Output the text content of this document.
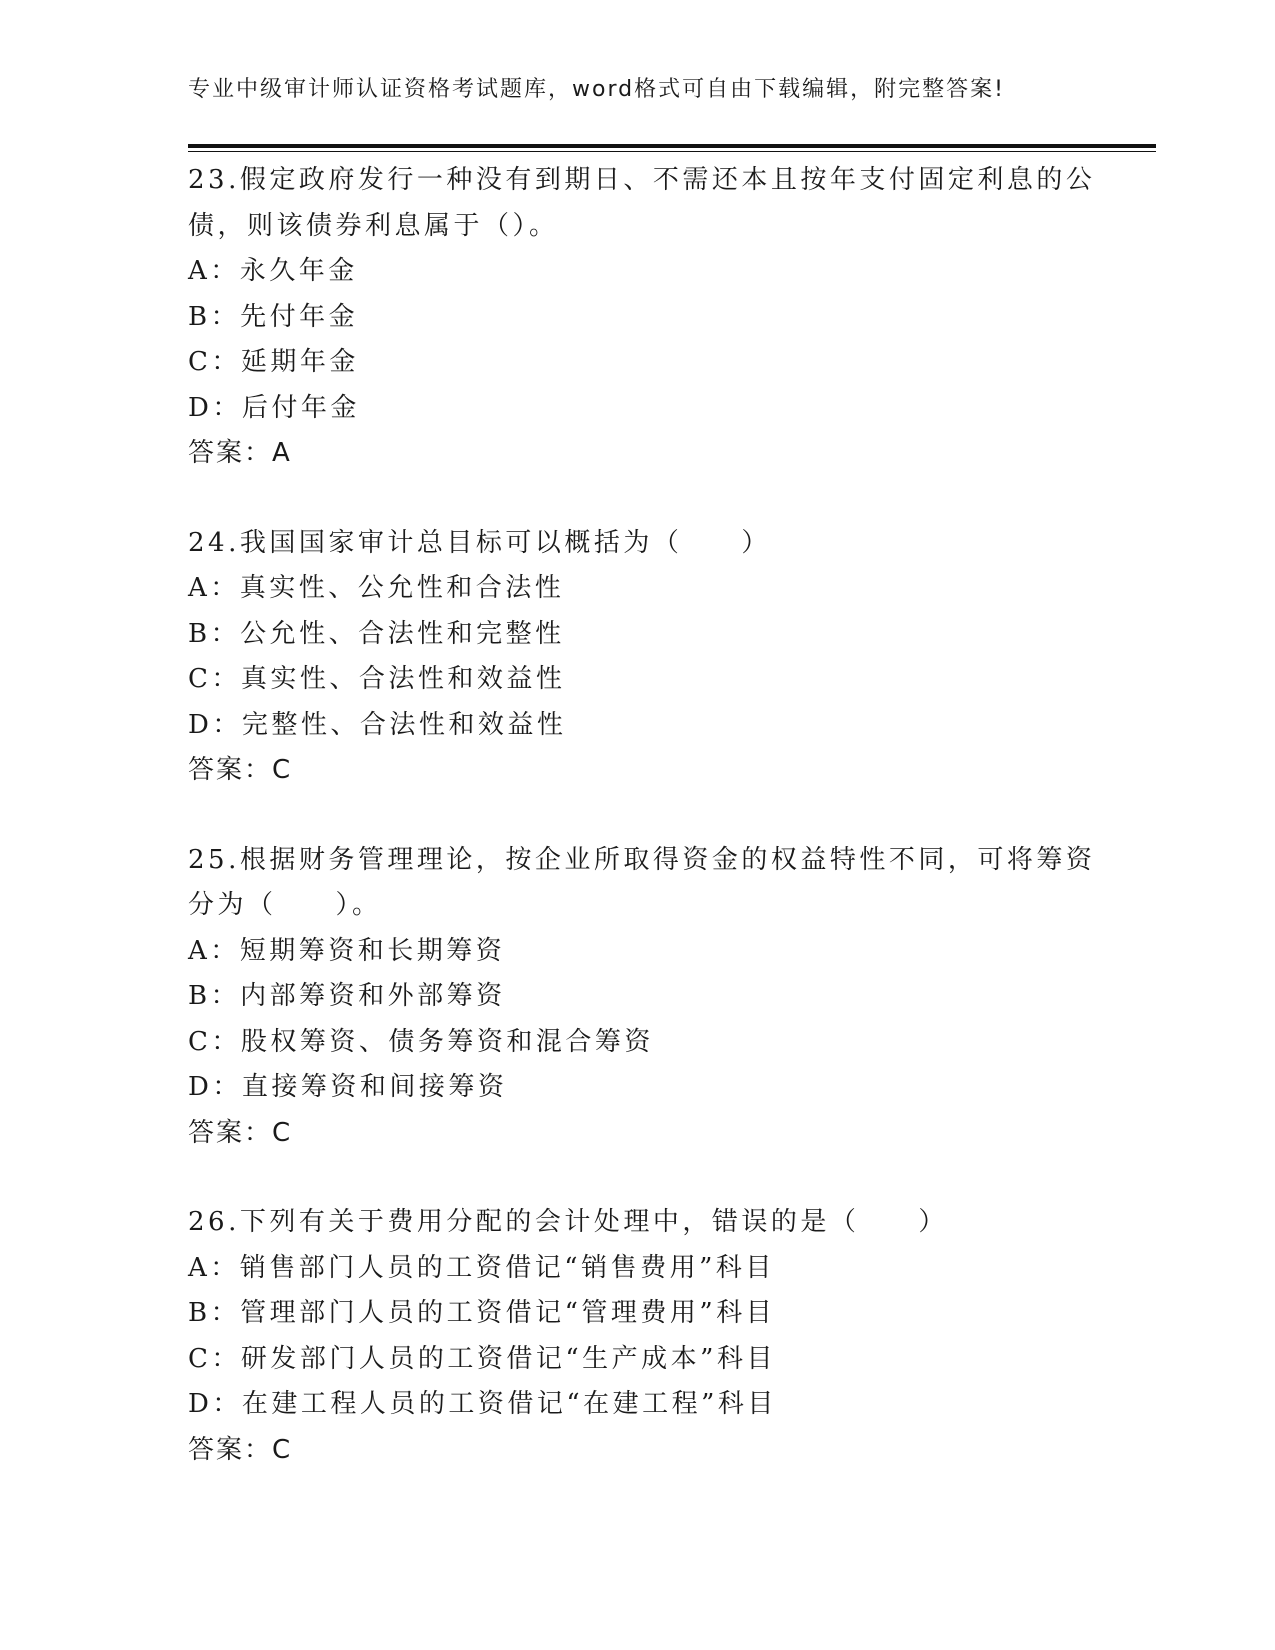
专业中级审计师认证资格考试题库，word格式可自由下载编辑，附完整答案!
23.假定政府发行一种没有到期日、不需还本且按年支付固定利息的公
债，则该债券利息属于（）。
A：永久年金
B：先付年金
C：延期年金
D：后付年金
答案：A
24.我国国家审计总目标可以概括为（　　）
A：真实性、公允性和合法性
B：公允性、合法性和完整性
C：真实性、合法性和效益性
D：完整性、合法性和效益性
答案：C
25.根据财务管理理论，按企业所取得资金的权益特性不同，可将筹资
分为（　　）。
A：短期筹资和长期筹资
B：内部筹资和外部筹资
C：股权筹资、债务筹资和混合筹资
D：直接筹资和间接筹资
答案：C
26.下列有关于费用分配的会计处理中，错误的是（　　）
A：销售部门人员的工资借记“销售费用”科目
B：管理部门人员的工资借记“管理费用”科目
C：研发部门人员的工资借记“生产成本”科目
D：在建工程人员的工资借记“在建工程”科目
答案：C
